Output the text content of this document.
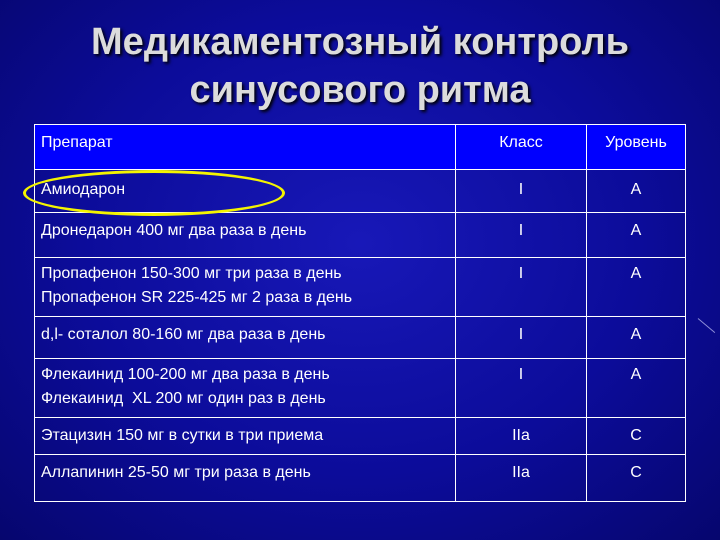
Медикаментозный контроль
синусового ритма
Препарат	Класс	Уровень

Амиодарон	I	A

Дронедарон 400 мг два раза в день	I	A

Пропафенон 150-300 мг три раза в день
Пропафенон SR 225-425 мг 2 раза в день	I	A

d,l- соталол 80-160 мг два раза в день	I	A

Флекаинид 100-200 мг два раза в день
Флекаинид  XL 200 мг один раз в день	I	A

Этацизин 150 мг в сутки в три приема	IIa	C

Аллапинин 25-50 мг три раза в день	IIa	C
